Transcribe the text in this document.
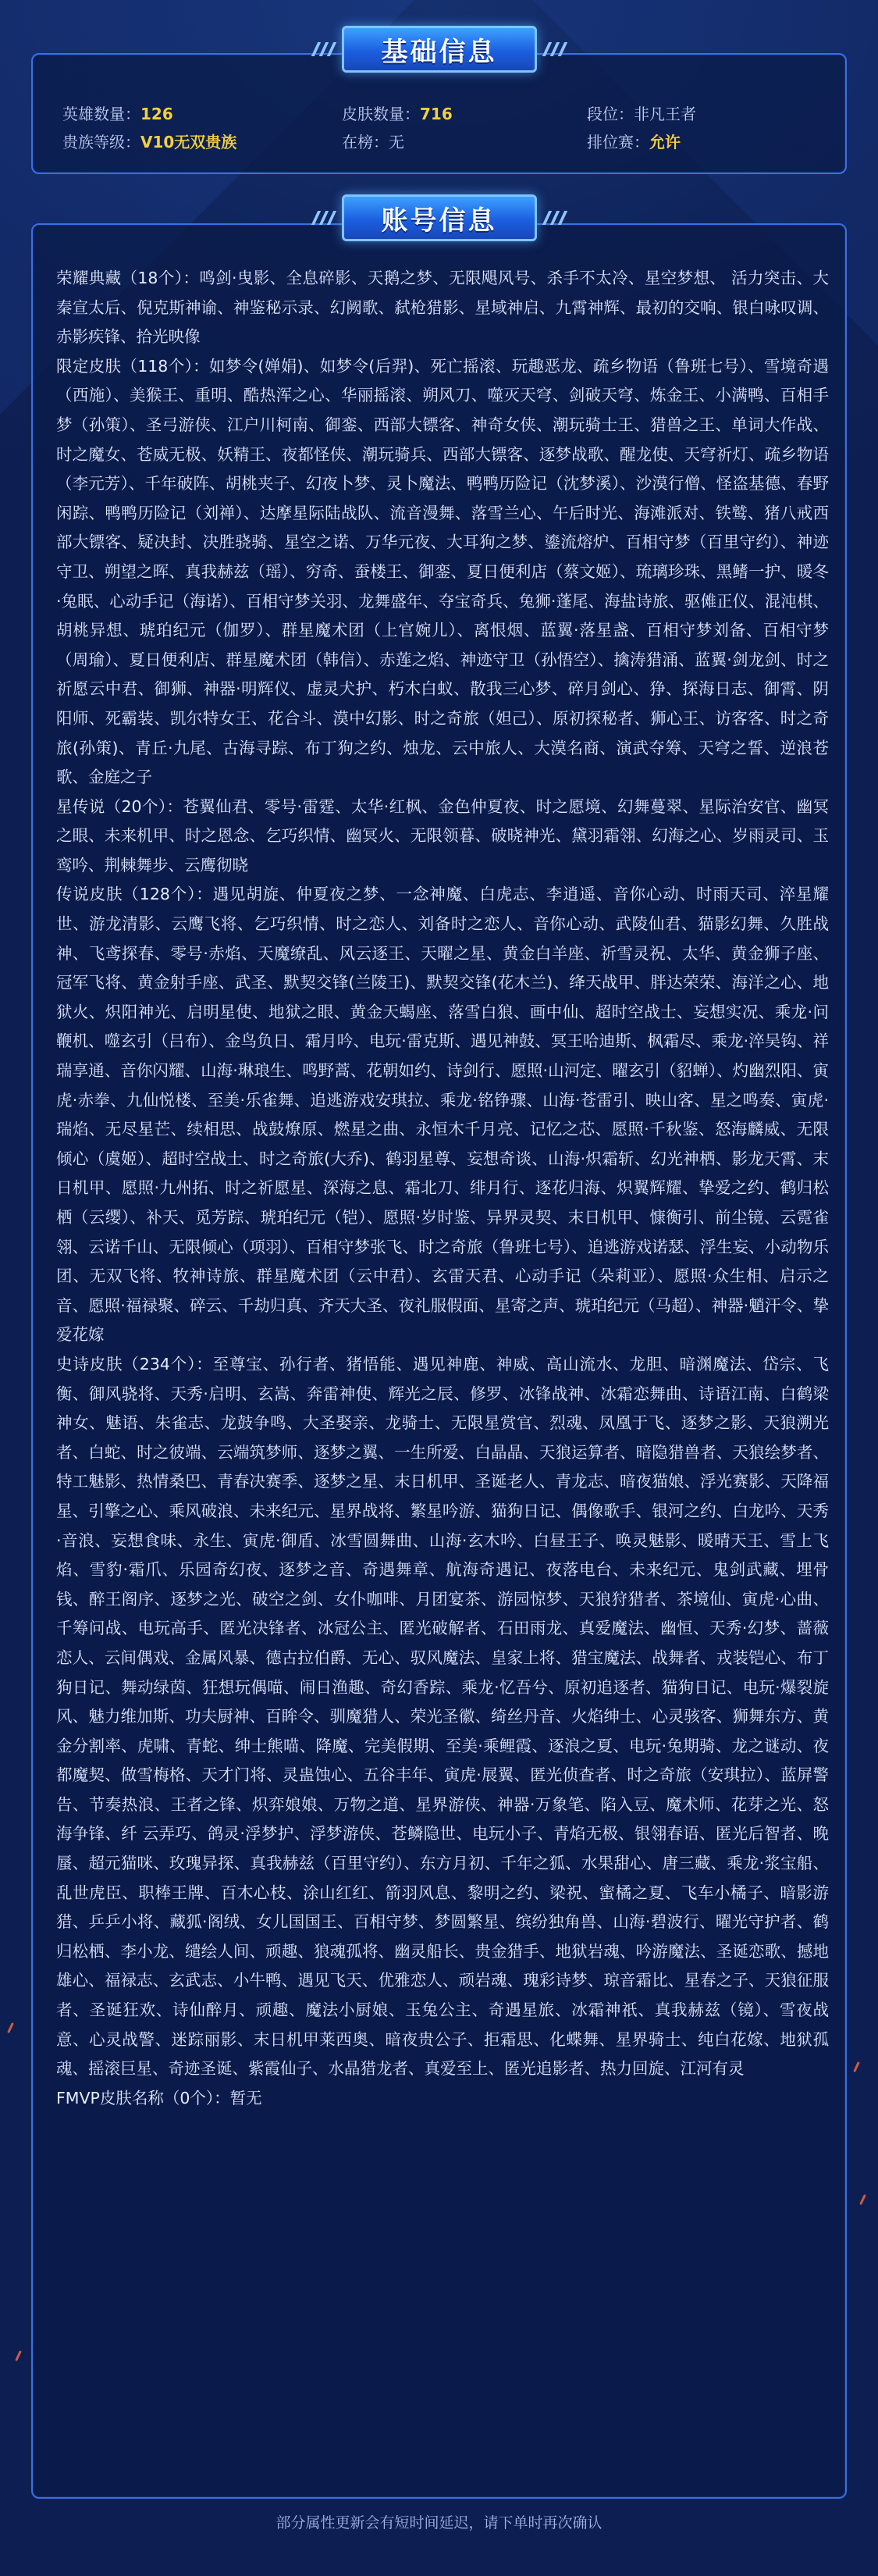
基础信息
英雄数量：126	皮肤数量：716	段位：非凡王者
贵族等级：V10无双贵族	在榜：无	排位赛：允许
账号信息

荣耀典藏（18个）：鸣剑·曳影、全息碎影、天鹅之梦、无限飓风号、杀手不太冷、星空梦想、 活力突击、大秦宣太后、倪克斯神谕、神鉴秘示录、幻阙歌、弑枪猎影、星域神启、九霄神辉、最初的交响、银白咏叹调、赤影疾锋、拾光映像

限定皮肤（118个）：如梦令(婵娟)、如梦令(后羿)、死亡摇滚、玩趣恶龙、疏乡物语（鲁班七号）、雪境奇遇（西施）、美猴王、重明、酷热浑之心、华丽摇滚、朔风刀、噬灭天穹、剑破天穹、炼金王、小满鸭、百相手梦（孙策）、圣弓游侠、江户川柯南、御銮、西部大镖客、神奇女侠、潮玩骑士王、猎兽之王、单词大作战、时之魔女、苍威无极、妖精王、夜都怪侠、潮玩骑兵、西部大镖客、逐梦战歌、醒龙使、天穹祈灯、疏乡物语（李元芳）、千年破阵、胡桃夹子、幻夜卜梦、灵卜魔法、鸭鸭历险记（沈梦溪）、沙漠行僧、怪盗基德、春野闲踪、鸭鸭历险记（刘禅）、达摩星际陆战队、流音漫舞、落雪兰心、午后时光、海滩派对、铁鹫、猪八戒西部大镖客、疑决封、决胜骁骑、星空之诺、万华元夜、大耳狗之梦、鎏流熔炉、百相守梦（百里守约）、神迹守卫、朔望之晖、真我赫兹（瑶）、穷奇、蚕楼王、御銮、夏日便利店（蔡文姬）、琉璃珍珠、黑鳍一护、暖冬·兔眠、心动手记（海诺）、百相守梦关羽、龙舞盛年、夺宝奇兵、兔狮·蓬尾、海盐诗旅、驱傩正仪、混沌棋、胡桃异想、琥珀纪元（伽罗）、群星魔术团（上官婉儿）、离恨烟、蓝翼·落星盏、百相守梦刘备、百相守梦（周瑜）、夏日便利店、群星魔术团（韩信）、赤莲之焰、神迹守卫（孙悟空）、擒涛猎涌、蓝翼·剑龙剑、时之祈愿云中君、御狮、神器·明辉仪、虚灵犬护、朽木白蚁、散我三心梦、碎月剑心、狰、探海日志、御霄、阴阳师、死霸装、凯尔特女王、花合斗、漠中幻影、时之奇旅（妲己）、原初探秘者、狮心王、访客客、时之奇旅(孙策)、青丘·九尾、古海寻踪、布丁狗之约、烛龙、云中旅人、大漠名商、演武夺筹、天穹之誓、逆浪苍歌、金庭之子

星传说（20个）：苍翼仙君、零号·雷霆、太华·红枫、金色仲夏夜、时之愿境、幻舞蔓翠、星际治安官、幽冥之眼、未来机甲、时之恩念、乞巧织情、幽冥火、无限领暮、破晓神光、黛羽霜翎、幻海之心、岁雨灵司、玉鸾吟、荆棘舞步、云鹰彻晓

传说皮肤（128个）：遇见胡旋、仲夏夜之梦、一念神魔、白虎志、李逍遥、音你心动、时雨天司、淬星耀世、游龙清影、云鹰飞将、乞巧织情、时之恋人、刘备时之恋人、音你心动、武陵仙君、猫影幻舞、久胜战神、飞鸢探春、零号·赤焰、天魔缭乱、风云逐王、天曜之星、黄金白羊座、祈雪灵祝、太华、黄金狮子座、冠军飞将、黄金射手座、武圣、默契交锋(兰陵王)、默契交锋(花木兰)、绛天战甲、胖达荣荣、海洋之心、地狱火、炽阳神光、启明星使、地狱之眼、黄金天蝎座、落雪白狼、画中仙、超时空战士、妄想实况、乘龙·问鞭机、噬玄引（吕布）、金鸟负日、霜月吟、电玩·雷克斯、遇见神鼓、冥王哈迪斯、枫霜尽、乘龙·淬吴钩、祥瑞享通、音你闪耀、山海·琳琅生、鸣野蒿、花朝如约、诗剑行、愿照·山河定、曜玄引（貂蝉）、灼幽烈阳、寅虎·赤拳、九仙悦楼、至美·乐雀舞、追逃游戏安琪拉、乘龙·铭铮骤、山海·苍雷引、映山客、星之鸣奏、寅虎·瑞焰、无尽星芒、续相思、战鼓燎原、燃星之曲、永恒木千月亮、记忆之芯、愿照·千秋鉴、怒海麟威、无限倾心（虞姬）、超时空战士、时之奇旅(大乔)、鹤羽星尊、妄想奇谈、山海·炽霜斩、幻光神栖、影龙天霄、末日机甲、愿照·九州拓、时之祈愿星、深海之息、霜北刀、绯月行、逐花归海、炽翼辉耀、挚爱之约、鹤归松栖（云缨）、补天、觅芳踪、琥珀纪元（铠）、愿照·岁时鉴、异界灵契、末日机甲、慷衡引、前尘镜、云霓雀翎、云诺千山、无限倾心（项羽）、百相守梦张飞、时之奇旅（鲁班七号）、追逃游戏诺瑟、浮生妄、小动物乐团、无双飞将、牧神诗旅、群星魔术团（云中君）、玄雷天君、心动手记（朵莉亚）、愿照·众生相、启示之音、愿照·福禄聚、碎云、千劫归真、齐天大圣、夜礼服假面、星寄之声、琥珀纪元（马超）、神器·魈汗令、挚爱花嫁

史诗皮肤（234个）：至尊宝、孙行者、猪悟能、遇见神鹿、神威、高山流水、龙胆、暗渊魔法、岱宗、飞衡、御风骁将、天秀·启明、玄嵩、奔雷神使、辉光之辰、修罗、冰锋战神、冰霜恋舞曲、诗语江南、白鹤梁神女、魅语、朱雀志、龙鼓争鸣、大圣娶亲、龙骑士、无限星赏官、烈魂、凤凰于飞、逐梦之影、天狼溯光者、白蛇、时之彼端、云端筑梦师、逐梦之翼、一生所爱、白晶晶、天狼运算者、暗隐猎兽者、天狼绘梦者、特工魅影、热情桑巴、青春决赛季、逐梦之星、末日机甲、圣诞老人、青龙志、暗夜猫娘、浮光赛影、天降福星、引擎之心、乘风破浪、未来纪元、星界战将、繁星吟游、猫狗日记、偶像歌手、银河之约、白龙吟、天秀·音浪、妄想食味、永生、寅虎·御盾、冰雪圆舞曲、山海·玄木吟、白昼王子、唤灵魅影、暖晴天王、雪上飞焰、雪豹·霜爪、乐园奇幻夜、逐梦之音、奇遇舞章、航海奇遇记、夜落电台、未来纪元、鬼剑武藏、埋骨钱、醉王阁序、逐梦之光、破空之剑、女仆咖啡、月团宴茶、游园惊梦、天狼狩猎者、茶境仙、寅虎·心曲、千筹问战、电玩高手、匿光决锋者、冰冠公主、匿光破解者、石田雨龙、真爱魔法、幽恒、天秀·幻梦、蔷薇恋人、云间偶戏、金属风暴、德古拉伯爵、无心、驭风魔法、皇家上将、猎宝魔法、战舞者、戎装铠心、布丁狗日记、舞动绿茵、狂想玩偶喵、闹日渔趣、奇幻香踪、乘龙·忆吾兮、原初追逐者、猫狗日记、电玩·爆裂旋风、魅力维加斯、功夫厨神、百眸令、驯魔猎人、荣光圣徽、绮丝丹音、火焰绅士、心灵骇客、狮舞东方、黄金分割率、虎啸、青蛇、绅士熊喵、降魔、完美假期、至美·乘鲤霞、逐浪之夏、电玩·兔期骑、龙之谜动、夜都魔契、做雪梅格、天才门将、灵蛊蚀心、五谷丰年、寅虎·展翼、匿光侦查者、时之奇旅（安琪拉）、蓝屏警告、节奏热浪、王者之锋、炽弈娘娘、万物之道、星界游侠、神器·万象笔、陷入豆、魔术师、花芽之光、怒海争锋、纤 云弄巧、鸽灵·浮梦护、浮梦游侠、苍鳞隐世、电玩小子、青焰无极、银翎春语、匿光后智者、晚蜃、超元猫咪、玫瑰异探、真我赫兹（百里守约）、东方月初、千年之狐、水果甜心、唐三藏、乘龙·浆宝船、乱世虎臣、职棒王牌、百木心枝、涂山红红、箭羽风息、黎明之约、梁祝、蜜橘之夏、飞车小橘子、暗影游猎、乒乒小将、藏狐·阁绒、女儿国国王、百相守梦、梦圆繁星、缤纷独角兽、山海·碧波行、曜光守护者、鹤归松栖、李小龙、缱绘人间、顽趣、狼魂孤将、幽灵船长、贵金猎手、地狱岩魂、吟游魔法、圣诞恋歌、撼地雄心、福禄志、玄武志、小牛鸭、遇见飞天、优雅恋人、顽岩魂、瑰彩诗梦、琼音霜比、星春之子、天狼征服者、圣诞狂欢、诗仙醉月、顽趣、魔法小厨娘、玉兔公主、奇遇星旅、冰霜神祇、真我赫兹（镜）、雪夜战意、心灵战警、迷踪丽影、末日机甲莱西奥、暗夜贵公子、拒霜思、化蝶舞、星界骑士、纯白花嫁、地狱孤魂、摇滚巨星、奇迹圣诞、紫霞仙子、水晶猎龙者、真爱至上、匿光追影者、热力回旋、江河有灵

FMVP皮肤名称（0个）：暂无

部分属性更新会有短时间延迟，请下单时再次确认
